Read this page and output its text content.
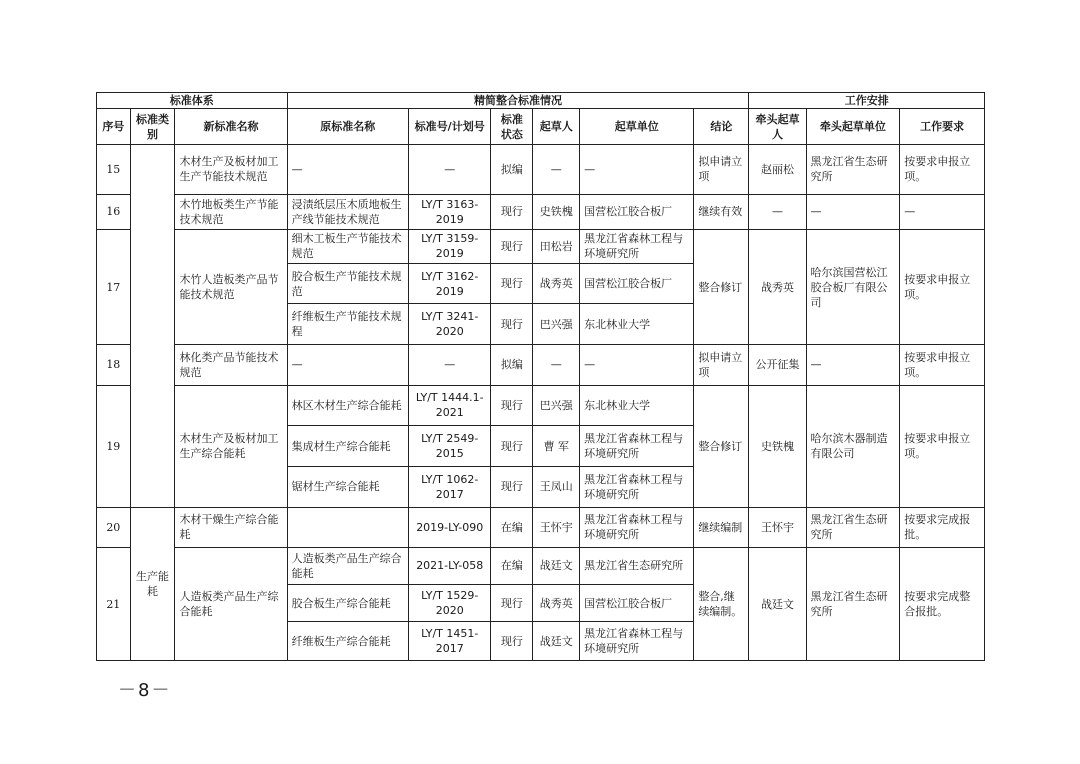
标准体系			精简整合标准情况						工作安排		
序号	标准类别	新标准名称	原标准名称	标准号/计划号	标准状态	起草人	起草单位	结论	牵头起草人	牵头起草单位	工作要求
15		木材生产及板材加工生产节能技术规范	—	—	拟编	—	—	拟申请立项	赵丽松	黑龙江省生态研究所	按要求申报立项。
16		木竹地板类生产节能技术规范	浸渍纸层压木质地板生产线节能技术规范	LY/T 3163-2019	现行	史铁槐	国营松江胶合板厂	继续有效	—	—	—
17		木竹人造板类产品节能技术规范	细木工板生产节能技术规范	LY/T 3159-2019	现行	田松岩	黑龙江省森林工程与环境研究所	整合修订	战秀英	哈尔滨国营松江胶合板厂有限公司	按要求申报立项。
			胶合板生产节能技术规范	LY/T 3162-2019	现行	战秀英	国营松江胶合板厂				
			纤维板生产节能技术规程	LY/T 3241-2020	现行	巴兴强	东北林业大学				
18		林化类产品节能技术规范	—	—	拟编	—	—	拟申请立项	公开征集	—	按要求申报立项。
19		木材生产及板材加工生产综合能耗	林区木材生产综合能耗	LY/T 1444.1-2021	现行	巴兴强	东北林业大学	整合修订	史铁槐	哈尔滨木器制造有限公司	按要求申报立项。
			集成材生产综合能耗	LY/T 2549-2015	现行	曹 军	黑龙江省森林工程与环境研究所				
			锯材生产综合能耗	LY/T 1062-2017	现行	王凤山	黑龙江省森林工程与环境研究所				
20	生产能耗	木材干燥生产综合能耗		2019-LY-090	在编	王怀宇	黑龙江省森林工程与环境研究所	继续编制	王怀宇	黑龙江省生态研究所	按要求完成报批。
21		人造板类产品生产综合能耗	人造板类产品生产综合能耗	2021-LY-058	在编	战廷文	黑龙江省生态研究所	整合,继续编制。	战廷文	黑龙江省生态研究所	按要求完成整合报批。
			胶合板生产综合能耗	LY/T 1529-2020	现行	战秀英	国营松江胶合板厂				
			纤维板生产综合能耗	LY/T 1451-2017	现行	战廷文	黑龙江省森林工程与环境研究所				
－8－
